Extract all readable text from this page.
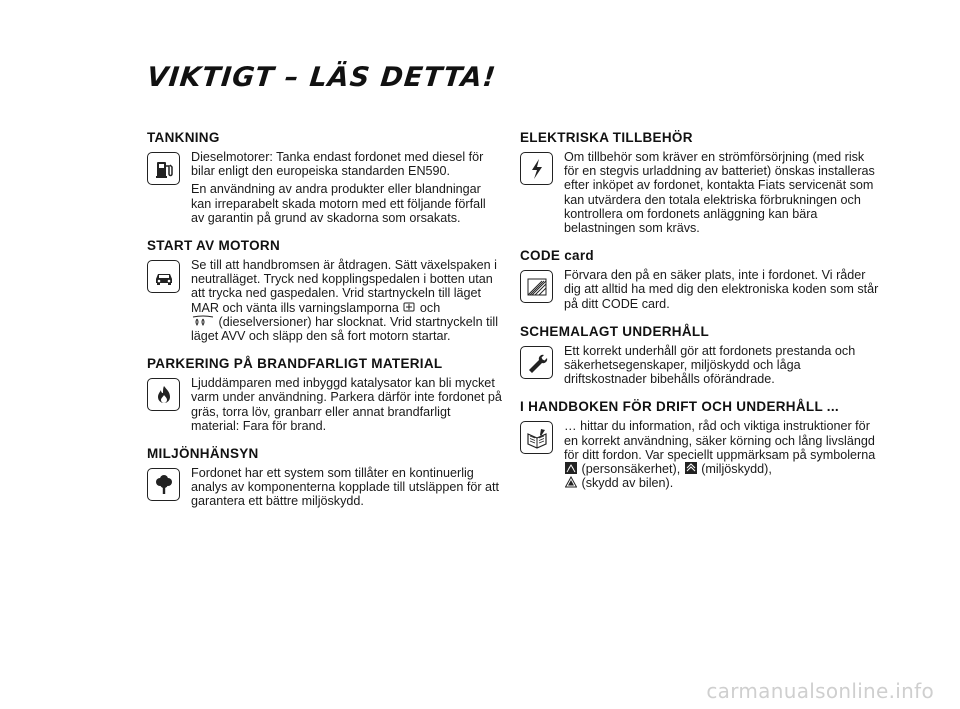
VIKTIGT – LÄS DETTA!
TANKNING

Dieselmotorer: Tanka endast fordonet med diesel för bilar enligt den europeiska standarden EN590.

En användning av andra produkter eller blandningar kan irreparabelt skada motorn med ett följande förfall av garantin på grund av skadorna som orsakats.

START AV MOTORN

Se till att handbromsen är åtdragen. Sätt växelspaken i neutralläget. Tryck ned kopplingspedalen i botten utan att trycka ned gaspedalen. Vrid startnyckeln till läget MAR och vänta ills varningslamporna och
(dieselversioner) har slocknat. Vrid startnyckeln till läget AVV och släpp den så fort motorn startar.

PARKERING PÅ BRANDFARLIGT MATERIAL

Ljuddämparen med inbyggd katalysator kan bli mycket varm under användning. Parkera därför inte fordonet på gräs, torra löv, granbarr eller annat brandfarligt material: Fara för brand.

MILJÖNHÄNSYN

Fordonet har ett system som tillåter en kontinuerlig analys av komponenterna kopplade till utsläppen för att garantera ett bättre miljöskydd.

ELEKTRISKA TILLBEHÖR

Om tillbehör som kräver en strömförsörjning (med risk för en stegvis urladdning av batteriet) önskas installeras efter inköpet av fordonet, kontakta Fiats servicenät som kan utvärdera den totala elektriska förbrukningen och kontrollera om fordonets anläggning kan bära belastningen som krävs.

CODE card

Förvara den på en säker plats, inte i fordonet. Vi råder dig att alltid ha med dig den elektroniska koden som står på ditt CODE card.

SCHEMALAGT UNDERHÅLL

Ett korrekt underhåll gör att fordonets prestanda och säkerhetsegenskaper, miljöskydd och låga driftskostnader bibehålls oförändrade.

I HANDBOKEN FÖR DRIFT OCH UNDERHÅLL ...

… hittar du information, råd och viktiga instruktioner för en korrekt användning, säker körning och lång livslängd för ditt fordon. Var speciellt uppmärksam på symbolerna  (personsäkerhet), (miljöskydd),
(skydd av bilen).

carmanualsonline.info
